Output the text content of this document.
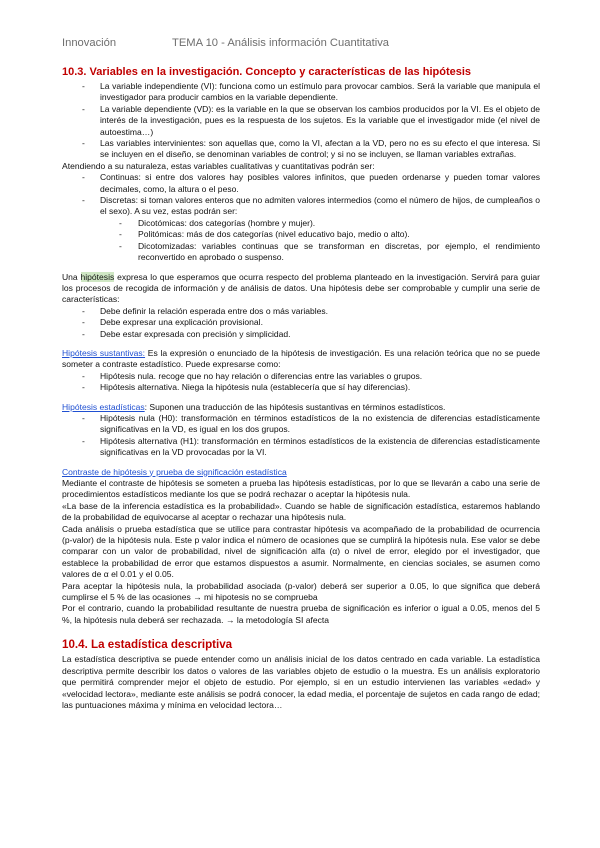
Innovación	TEMA 10 - Análisis información Cuantitativa
10.3. Variables en la investigación. Concepto y características de las hipótesis
- La variable independiente (VI): funciona como un estímulo para provocar cambios. Será la variable que manipula el investigador para producir cambios en la variable dependiente.
- La variable dependiente (VD): es la variable en la que se observan los cambios producidos por la VI. Es el objeto de interés de la investigación, pues es la respuesta de los sujetos. Es la variable que el investigador mide (el nivel de autoestima…)
- Las variables intervinientes: son aquellas que, como la VI, afectan a la VD, pero no es su efecto el que interesa. Si se incluyen en el diseño, se denominan variables de control; y si no se incluyen, se llaman variables extrañas.

Atendiendo a su naturaleza, estas variables cualitativas y cuantitativas podrán ser:

- Continuas: si entre dos valores hay posibles valores infinitos, que pueden ordenarse y pueden tomar valores decimales, como, la altura o el peso.
- Discretas: si toman valores enteros que no admiten valores intermedios (como el número de hijos, de cumpleaños o el sexo). A su vez, estas podrán ser:
- Dicotómicas: dos categorías (hombre y mujer).
- Politómicas: más de dos categorías (nivel educativo bajo, medio o alto).
- Dicotomizadas: variables continuas que se transforman en discretas, por ejemplo, el rendimiento reconvertido en aprobado o suspenso.

Una hipótesis expresa lo que esperamos que ocurra respecto del problema planteado en la investigación. Servirá para guiar los procesos de recogida de información y de análisis de datos. Una hipótesis debe ser comprobable y cumplir una serie de características:

- Debe definir la relación esperada entre dos o más variables.
- Debe expresar una explicación provisional.
- Debe estar expresada con precisión y simplicidad.

Hipótesis sustantivas: Es la expresión o enunciado de la hipótesis de investigación. Es una relación teórica que no se puede someter a contraste estadístico. Puede expresarse como:

- Hipótesis nula. recoge que no hay relación o diferencias entre las variables o grupos.
- Hipótesis alternativa. Niega la hipótesis nula (establecería que sí hay diferencias).

Hipótesis estadísticas: Suponen una traducción de las hipótesis sustantivas en términos estadísticos.

- Hipótesis nula (H0): transformación en términos estadísticos de la no existencia de diferencias estadísticamente significativas en la VD, es igual en los dos grupos.
- Hipótesis alternativa (H1): transformación en términos estadísticos de la existencia de diferencias estadísticamente significativas en la VD provocadas por la VI.

Contraste de hipótesis y prueba de significación estadística

Mediante el contraste de hipótesis se someten a prueba las hipótesis estadísticas, por lo que se llevarán a cabo una serie de procedimientos estadísticos mediante los que se podrá rechazar o aceptar la hipótesis nula.

«La base de la inferencia estadística es la probabilidad». Cuando se hable de significación estadística, estaremos hablando de la probabilidad de equivocarse al aceptar o rechazar una hipótesis nula.

Cada análisis o prueba estadística que se utilice para contrastar hipótesis va acompañado de la probabilidad de ocurrencia (p-valor) de la hipótesis nula. Este p valor indica el número de ocasiones que se cumplirá la hipótesis nula. Ese valor se debe comparar con un valor de probabilidad, nivel de significación alfa (α) o nivel de error, elegido por el investigador, que establece la probabilidad de error que estamos dispuestos a asumir. Normalmente, en ciencias sociales, se asumen como valores de α el 0.01 y el 0.05.

Para aceptar la hipótesis nula, la probabilidad asociada (p-valor) deberá ser superior a 0.05, lo que significa que deberá cumplirse el 5 % de las ocasiones → mi hipotesis no se comprueba

Por el contrario, cuando la probabilidad resultante de nuestra prueba de significación es inferior o igual a 0.05, menos del 5 %, la hipótesis nula deberá ser rechazada. → la metodología SI afecta

10.4. La estadística descriptiva

La estadística descriptiva se puede entender como un análisis inicial de los datos centrado en cada variable. La estadística descriptiva permite describir los datos o valores de las variables objeto de estudio o la muestra. Es un análisis exploratorio que permitirá comprender mejor el objeto de estudio. Por ejemplo, si en un estudio intervienen las variables «edad» y «velocidad lectora», mediante este análisis se podrá conocer, la edad media, el porcentaje de sujetos en cada rango de edad; las puntuaciones máxima y mínima en velocidad lectora…
